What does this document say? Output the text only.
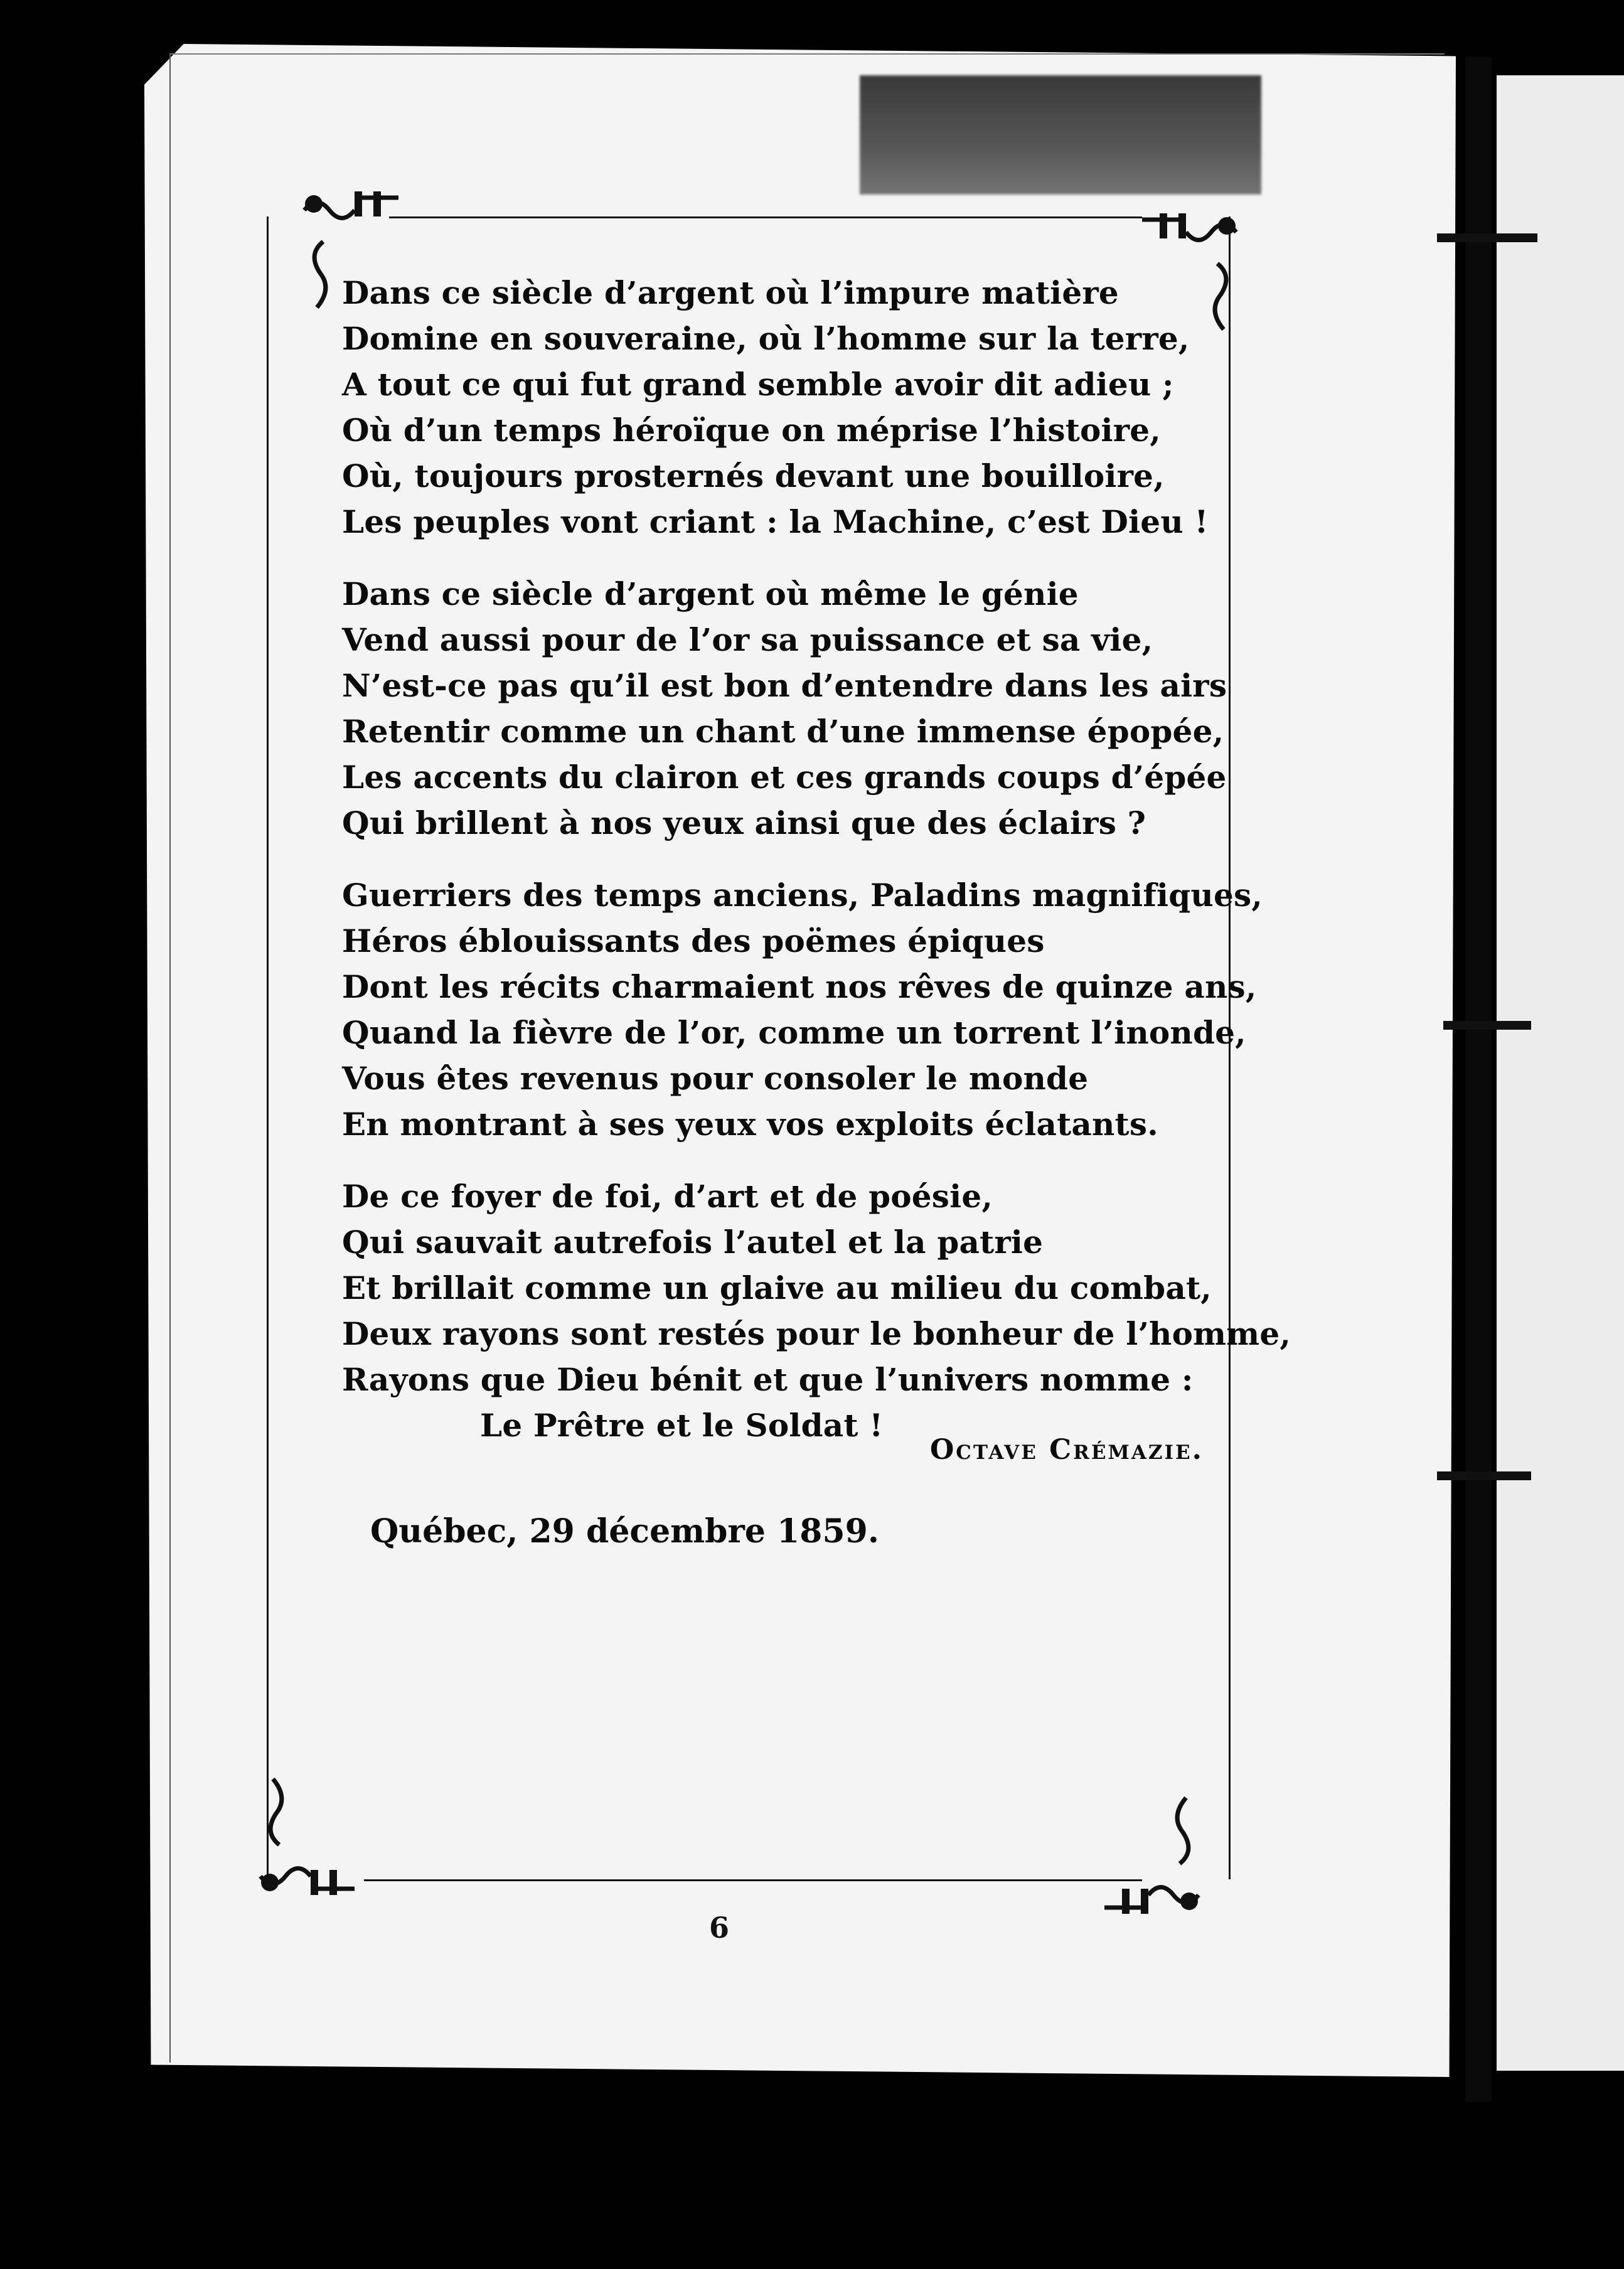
Dans ce siècle d’argent où l’impure matière
Domine en souveraine, où l’homme sur la terre,
A tout ce qui fut grand semble avoir dit adieu ;
Où d’un temps héroïque on méprise l’histoire,
Où, toujours prosternés devant une bouilloire,
Les peuples vont criant : la Machine, c’est Dieu !
Dans ce siècle d’argent où même le génie
Vend aussi pour de l’or sa puissance et sa vie,
N’est-ce pas qu’il est bon d’entendre dans les airs
Retentir comme un chant d’une immense épopée,
Les accents du clairon et ces grands coups d’épée
Qui brillent à nos yeux ainsi que des éclairs ?
Guerriers des temps anciens, Paladins magnifiques,
Héros éblouissants des poëmes épiques
Dont les récits charmaient nos rêves de quinze ans,
Quand la fièvre de l’or, comme un torrent l’inonde,
Vous êtes revenus pour consoler le monde
En montrant à ses yeux vos exploits éclatants.
De ce foyer de foi, d’art et de poésie,
Qui sauvait autrefois l’autel et la patrie
Et brillait comme un glaive au milieu du combat,
Deux rayons sont restés pour le bonheur de l’homme,
Rayons que Dieu bénit et que l’univers nomme :
Le Prêtre et le Soldat !
Octave Crémazie.
Québec, 29 décembre 1859.
6
